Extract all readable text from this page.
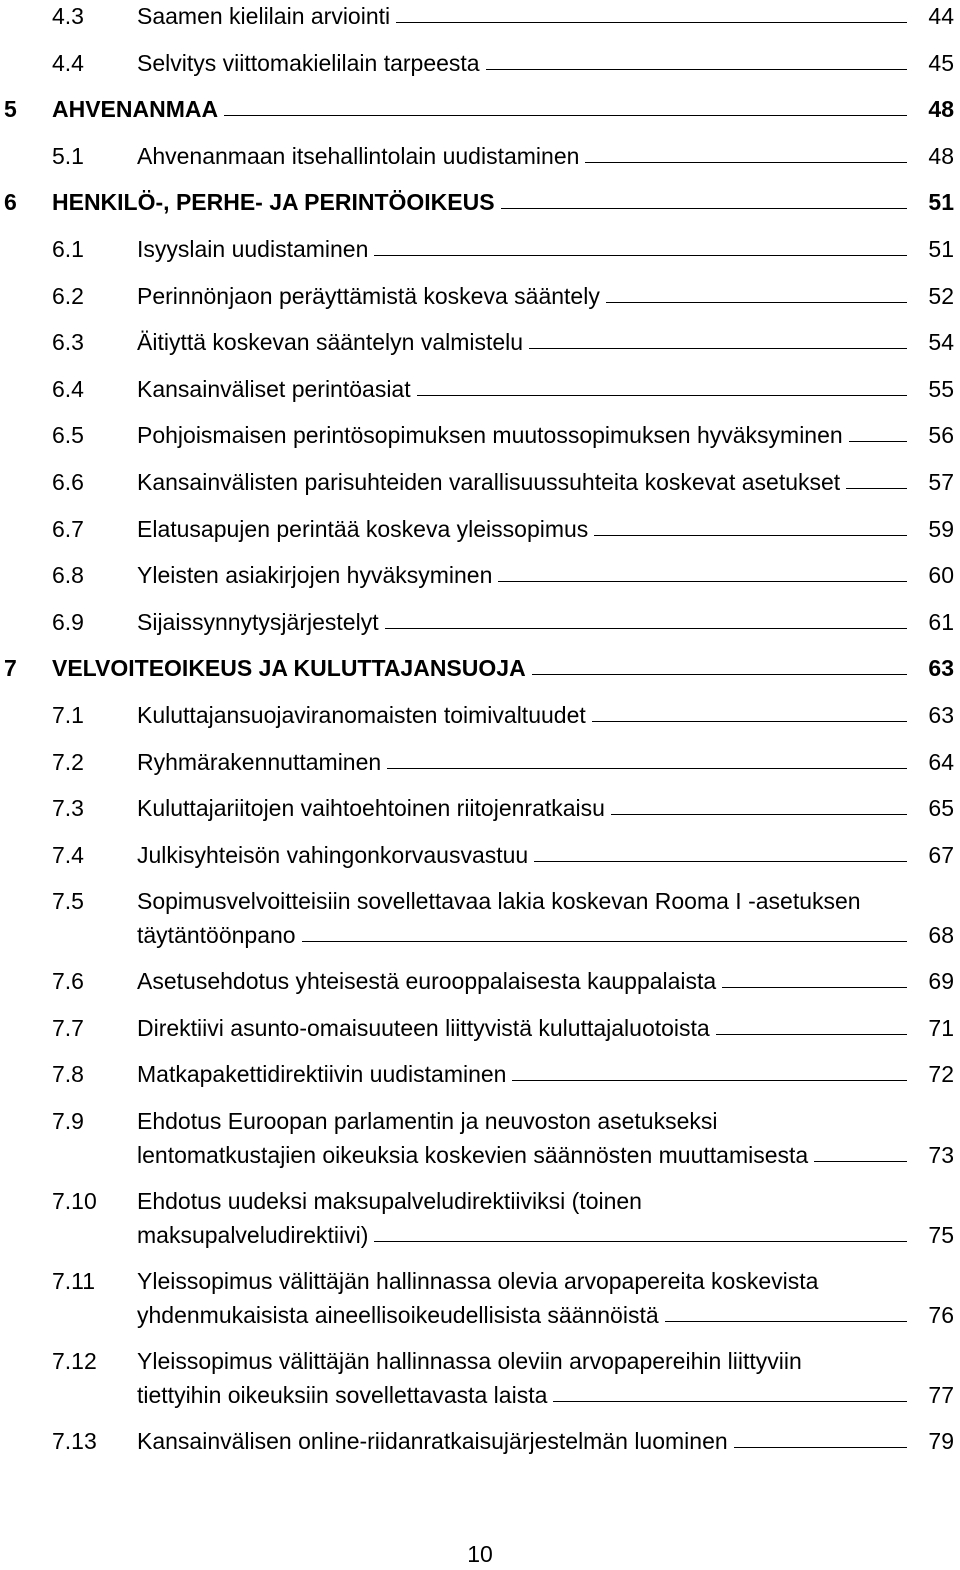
4.3 Saamen kielilain arviointi	44
4.4 Selvitys viittomakielilain tarpeesta	45
5 AHVENANMAA	48
5.1 Ahvenanmaan itsehallintolain uudistaminen	48
6 HENKILÖ-, PERHE- JA PERINTÖOIKEUS	51
6.1 Isyyslain uudistaminen	51
6.2 Perinnönjaon peräyttämistä koskeva sääntely	52
6.3 Äitiyttä koskevan sääntelyn valmistelu	54
6.4 Kansainväliset perintöasiat	55
6.5 Pohjoismaisen perintösopimuksen muutossopimuksen hyväksyminen	56
6.6 Kansainvälisten parisuhteiden varallisuussuhteita koskevat asetukset	57
6.7 Elatusapujen perintää koskeva yleissopimus	59
6.8 Yleisten asiakirjojen hyväksyminen	60
6.9 Sijaissynnytysjärjestelyt	61
7 VELVOITEOIKEUS JA KULUTTAJANSUOJA	63
7.1 Kuluttajansuojaviranomaisten toimivaltuudet	63
7.2 Ryhmärakennuttaminen	64
7.3 Kuluttajariitojen vaihtoehtoinen riitojenratkaisu	65
7.4 Julkisyhteisön vahingonkorvausvastuu	67
7.5 Sopimusvelvoitteisiin sovellettavaa lakia koskevan Rooma I -asetuksen
täytäntöönpano	68
7.6 Asetusehdotus yhteisestä eurooppalaisesta kauppalaista	69
7.7 Direktiivi asunto-omaisuuteen liittyvistä kuluttajaluotoista	71
7.8 Matkapakettidirektiivin uudistaminen	72
7.9 Ehdotus Euroopan parlamentin ja neuvoston asetukseksi
lentomatkustajien oikeuksia koskevien säännösten muuttamisesta	73
7.10 Ehdotus uudeksi maksupalveludirektiiviksi (toinen
maksupalveludirektiivi)	75
7.11 Yleissopimus välittäjän hallinnassa olevia arvopapereita koskevista
yhdenmukaisista aineellisoikeudellisista säännöistä	76
7.12 Yleissopimus välittäjän hallinnassa oleviin arvopapereihin liittyviin
tiettyihin oikeuksiin sovellettavasta laista	77
7.13 Kansainvälisen online-riidanratkaisujärjestelmän luominen	79
10
